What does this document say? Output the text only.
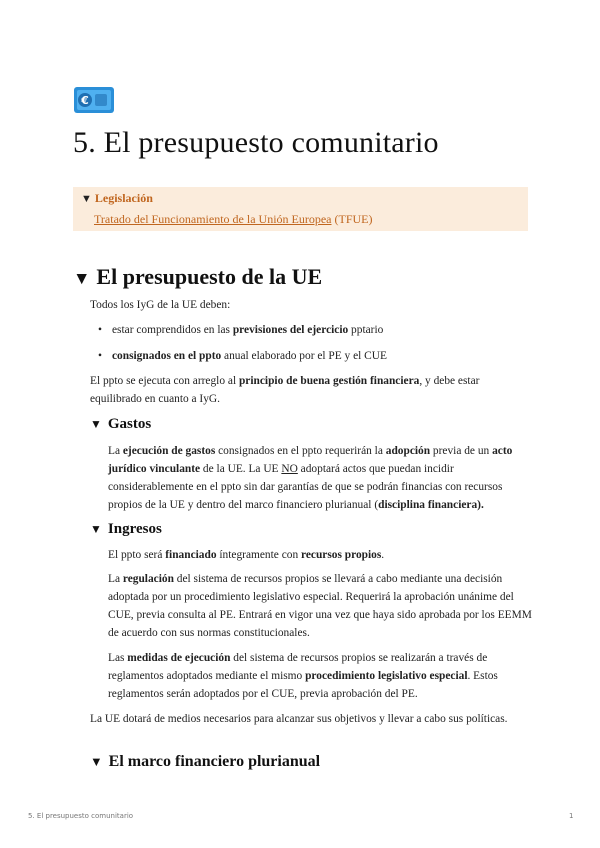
€
5. El presupuesto comunitario
▼ Legislación
Tratado del Funcionamiento de la Unión Europea (TFUE)
▼ El presupuesto de la UE

Todos los IyG de la UE deben:

• estar comprendidos en las previsiones del ejercicio pptario
• consignados en el ppto anual elaborado por el PE y el CUE

El ppto se ejecuta con arreglo al principio de buena gestión financiera, y debe estar equilibrado en cuanto a IyG.

▼ Gastos

La ejecución de gastos consignados en el ppto requerirán la adopción previa de un acto jurídico vinculante de la UE. La UE NO adoptará actos que puedan incidir considerablemente en el ppto sin dar garantías de que se podrán financias con recursos propios de la UE y dentro del marco financiero plurianual (disciplina financiera).

▼ Ingresos

El ppto será financiado íntegramente con recursos propios.

La regulación del sistema de recursos propios se llevará a cabo mediante una decisión adoptada por un procedimiento legislativo especial. Requerirá la aprobación unánime del CUE, previa consulta al PE. Entrará en vigor una vez que haya sido aprobada por los EEMM de acuerdo con sus normas constitucionales.

Las medidas de ejecución del sistema de recursos propios se realizarán a través de reglamentos adoptados mediante el mismo procedimiento legislativo especial. Estos reglamentos serán adoptados por el CUE, previa aprobación del PE.

La UE dotará de medios necesarios para alcanzar sus objetivos y llevar a cabo sus políticas.

▼ El marco financiero plurianual
5. El presupuesto comunitario	1
